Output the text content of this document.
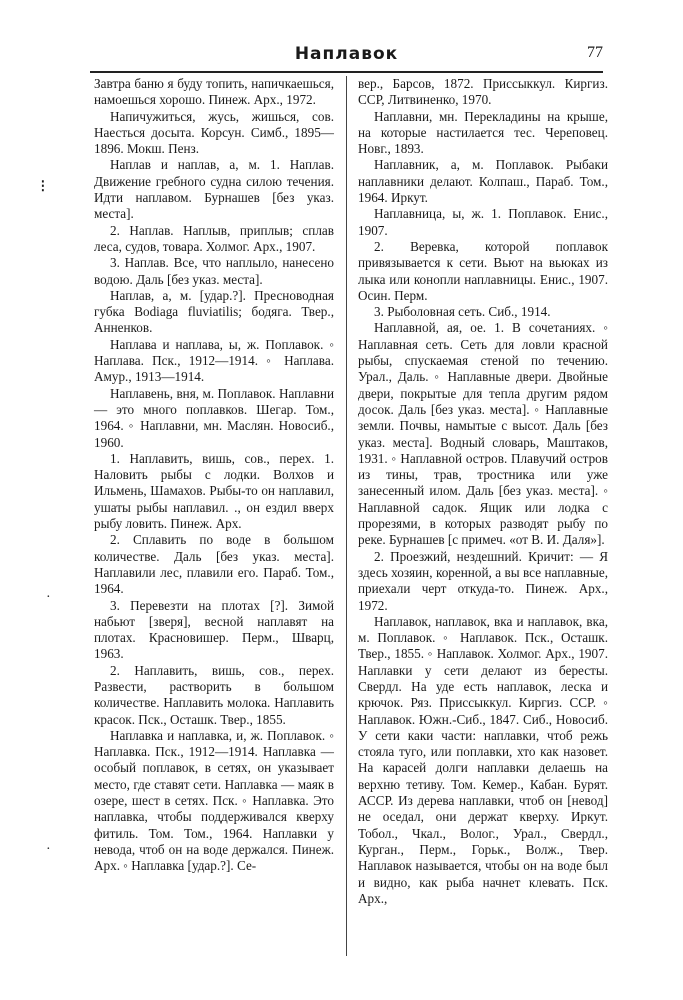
Наплавок	77
⁝
·
·

Завтра баню я буду топить, напичкаешься, намоешься хорошо. Пинеж. Арх., 1972.

Напичужиться, жусь, жишься, сов. Наесться досыта. Корсун. Симб., 1895—1896. Мокш. Пенз.

Наплав и наплав, а, м. 1. Наплав. Движение гребного судна силою течения. Идти наплавом. Бурнашев [без указ. места].

2. Наплав. Наплыв, приплыв; сплав леса, судов, товара. Холмог. Арх., 1907.

3. Наплав. Все, что наплыло, нанесено водою. Даль [без указ. места].

Наплав, а, м. [удар.?]. Пресноводная губка Bodiaga fluviatilis; бодяга. Твер., Анненков.

Наплава и наплава, ы, ж. Поплавок. ◦ Наплава. Пск., 1912—1914. ◦ Наплава. Амур., 1913—1914.

Наплавень, вня, м. Поплавок. Наплавни — это много поплавков. Шегар. Том., 1964. ◦ Наплавни, мн. Маслян. Новосиб., 1960.

1. Наплавить, вишь, сов., перех. 1. Наловить рыбы с лодки. Волхов и Ильмень, Шамахов. Рыбы-то он наплавил, ушаты рыбы наплавил. ., он ездил вверх рыбу ловить. Пинеж. Арх.

2. Сплавить по воде в большом количестве. Даль [без указ. места]. Наплавили лес, плавили его. Параб. Том., 1964.

3. Перевезти на плотах [?]. Зимой набьют [зверя], весной наплавят на плотах. Красновишер. Перм., Шварц, 1963.

2. Наплавить, вишь, сов., перех. Развести, растворить в большом количестве. Наплавить молока. Наплавить красок. Пск., Осташк. Твер., 1855.

Наплавка и наплавка, и, ж. Поплавок. ◦ Наплавка. Пск., 1912—1914. Наплавка — особый поплавок, в сетях, он указывает место, где ставят сети. Наплавка — маяк в озере, шест в сетях. Пск. ◦ Наплавка. Это наплавка, чтобы поддерживался кверху фитиль. Том. Том., 1964. Наплавки у невода, чтоб он на воде держался. Пинеж. Арх. ◦ Наплавка [удар.?]. Се-

вер., Барсов, 1872. Приссыккул. Киргиз. ССР, Литвиненко, 1970.

Наплавни, мн. Перекладины на крыше, на которые настилается тес. Череповец. Новг., 1893.

Наплавник, а, м. Поплавок. Рыбаки наплавники делают. Колпаш., Параб. Том., 1964. Иркут.

Наплавница, ы, ж. 1. Поплавок. Енис., 1907.

2. Веревка, которой поплавок привязывается к сети. Вьют на вьюках из лыка или конопли наплавницы. Енис., 1907. Осин. Перм.

3. Рыболовная сеть. Сиб., 1914.

Наплавной, ая, ое. 1. В сочетаниях. ◦ Наплавная сеть. Сеть для ловли красной рыбы, спускаемая стеной по течению. Урал., Даль. ◦ Наплавные двери. Двойные двери, покрытые для тепла другим рядом досок. Даль [без указ. места]. ◦ Наплавные земли. Почвы, намытые с высот. Даль [без указ. места]. Водный словарь, Маштаков, 1931. ◦ Наплавной остров. Плавучий остров из тины, трав, тростника или уже занесенный илом. Даль [без указ. места]. ◦ Наплавной садок. Ящик или лодка с прорезями, в которых разводят рыбу по реке. Бурнашев [с примеч. «от В. И. Даля»].

2. Проезжий, нездешний. Кричит: — Я здесь хозяин, коренной, а вы все наплавные, приехали черт откуда-то. Пинеж. Арх., 1972.

Наплавок, наплавок, вка и наплавок, вка, м. Поплавок. ◦ Наплавок. Пск., Осташк. Твер., 1855. ◦ Наплавок. Холмог. Арх., 1907. Наплавки у сети делают из бересты. Свердл. На уде есть наплавок, леска и крючок. Ряз. Приссыккул. Киргиз. ССР. ◦ Наплавок. Южн.-Сиб., 1847. Сиб., Новосиб. У сети каки части: наплавки, чтоб режь стояла туго, или поплавки, хто как назовет. На карасей долги наплавки делаешь на верхню тетиву. Том. Кемер., Кабан. Бурят. АССР. Из дерева наплавки, чтоб он [невод] не оседал, они держат кверху. Иркут. Тобол., Чкал., Волог., Урал., Свердл., Курган., Перм., Горьк., Волж., Твер. Наплавок называется, чтобы он на воде был и видно, как рыба начнет клевать. Пск. Арх.,
